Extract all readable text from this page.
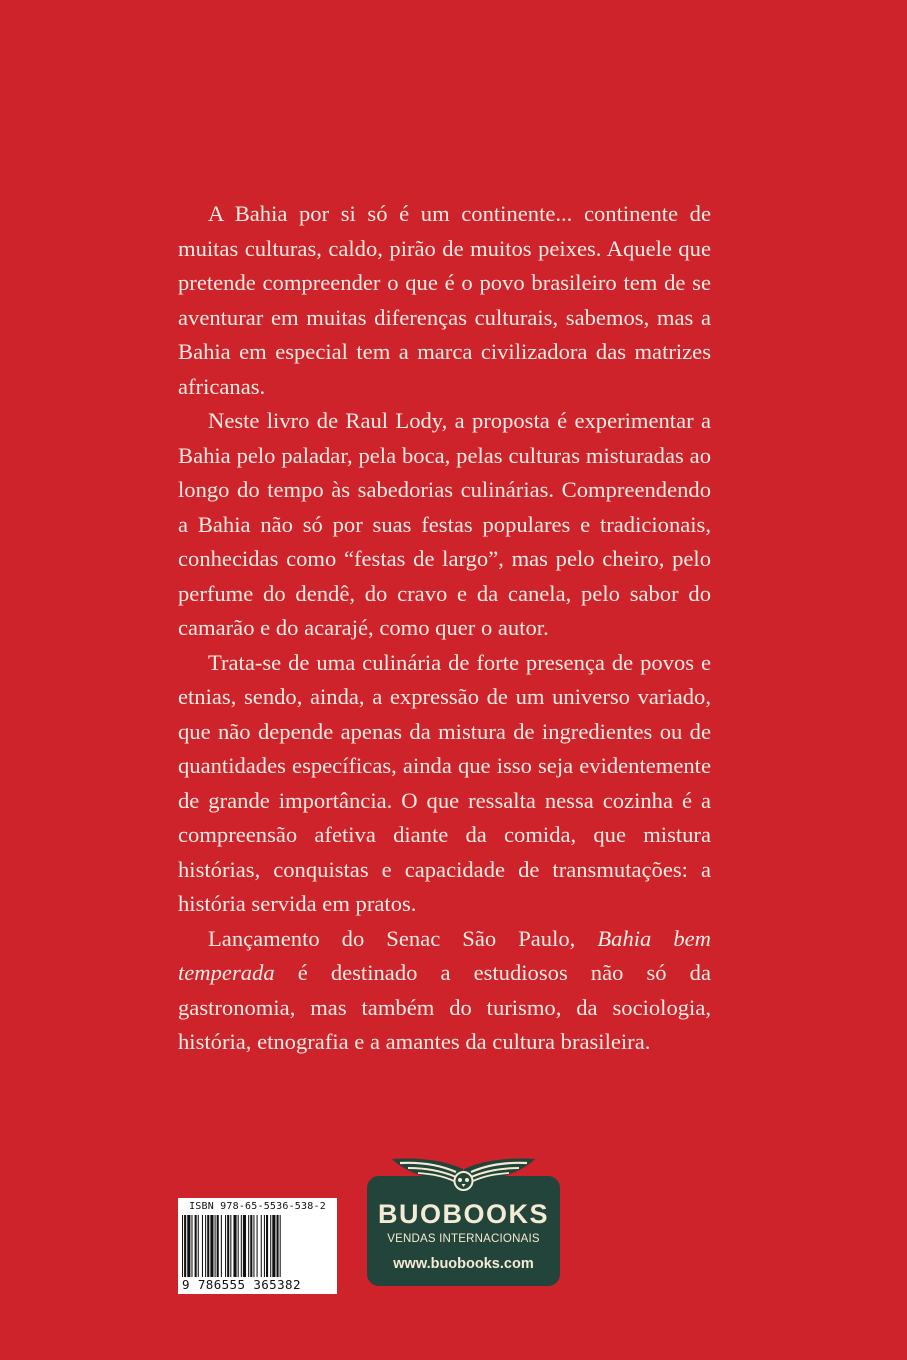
A Bahia por si só é um continente... continente de muitas culturas, caldo, pirão de muitos peixes. Aquele que pretende compreender o que é o povo brasileiro tem de se aventurar em muitas diferenças culturais, sabemos, mas a Bahia em especial tem a marca civilizadora das matrizes africanas.

Neste livro de Raul Lody, a proposta é experimentar a Bahia pelo paladar, pela boca, pelas culturas misturadas ao longo do tempo às sabedorias culinárias. Compreendendo a Bahia não só por suas festas populares e tradicionais, conhecidas como “festas de largo”, mas pelo cheiro, pelo perfume do dendê, do cravo e da canela, pelo sabor do camarão e do acarajé, como quer o autor.

Trata-se de uma culinária de forte presença de povos e etnias, sendo, ainda, a expressão de um universo variado, que não depende apenas da mistura de ingredientes ou de quantidades específicas, ainda que isso seja evidentemente de grande importância. O que ressalta nessa cozinha é a compreensão afetiva diante da comida, que mistura histórias, conquistas e capacidade de transmutações: a história servida em pratos.

Lançamento do Senac São Paulo, Bahia bem temperada é destinado a estudiosos não só da gastronomia, mas também do turismo, da sociologia, história, etnografia e a amantes da cultura brasileira.

ISBN 978-65-5536-538-2
9 786555 365382
BUOBOOKS
VENDAS INTERNACIONAIS
www.buobooks.com
